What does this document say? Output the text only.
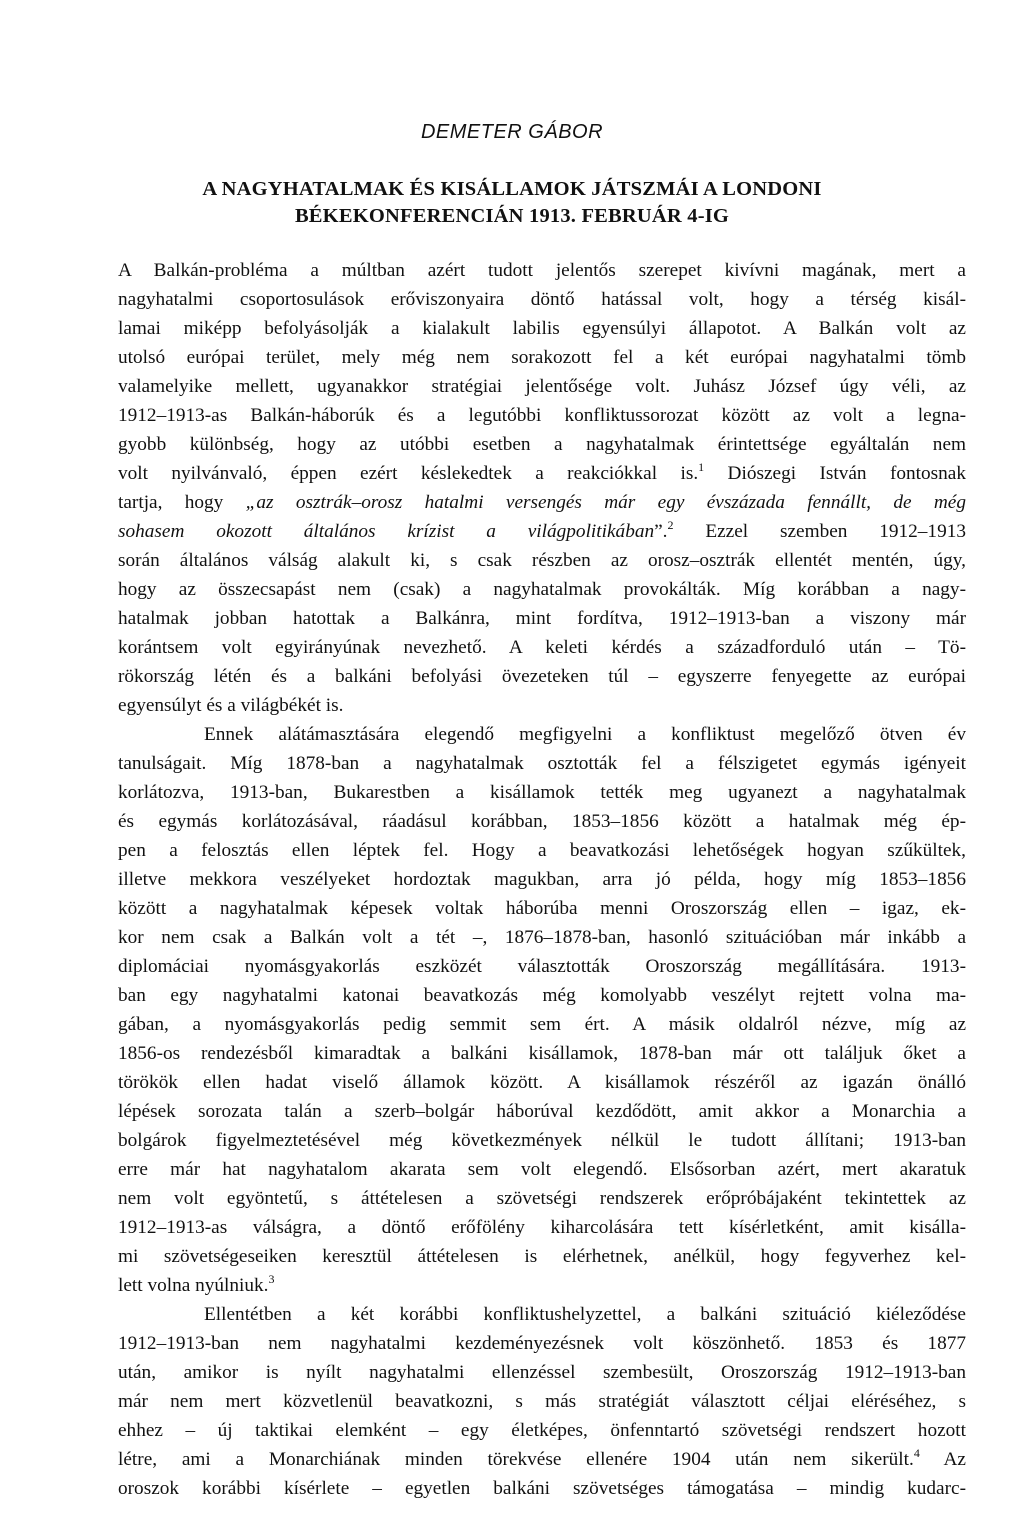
DEMETER GÁBOR
A NAGYHATALMAK ÉS KISÁLLAMOK JÁTSZMÁI A LONDONI
BÉKEKONFERENCIÁN 1913. FEBRUÁR 4-IG
A Balkán-probléma a múltban azért tudott jelentős szerepet kivívni magának, mert a
nagyhatalmi csoportosulások erőviszonyaira döntő hatással volt, hogy a térség kisál-
lamai miképp befolyásolják a kialakult labilis egyensúlyi állapotot. A Balkán volt az
utolsó európai terület, mely még nem sorakozott fel a két európai nagyhatalmi tömb
valamelyike mellett, ugyanakkor stratégiai jelentősége volt. Juhász József úgy véli, az
1912–1913-as Balkán-háborúk és a legutóbbi konfliktussorozat között az volt a legna-
gyobb különbség, hogy az utóbbi esetben a nagyhatalmak érintettsége egyáltalán nem
volt nyilvánvaló, éppen ezért késlekedtek a reakciókkal is.$^1$ Diószegi István fontosnak
tartja, hogy „az osztrák–orosz hatalmi versengés már egy évszázada fennállt, de még
sohasem okozott általános krízist a világpolitikában”.$^2$ Ezzel szemben 1912–1913
során általános válság alakult ki, s csak részben az orosz–osztrák ellentét mentén, úgy,
hogy az összecsapást nem (csak) a nagyhatalmak provokálták. Míg korábban a nagy-
hatalmak jobban hatottak a Balkánra, mint fordítva, 1912–1913-ban a viszony már
korántsem volt egyirányúnak nevezhető. A keleti kérdés a századforduló után – Tö-
rökország létén és a balkáni befolyási övezeteken túl – egyszerre fenyegette az európai
egyensúlyt és a világbékét is.
Ennek alátámasztására elegendő megfigyelni a konfliktust megelőző ötven év
tanulságait. Míg 1878-ban a nagyhatalmak osztották fel a félszigetet egymás igényeit
korlátozva, 1913-ban, Bukarestben a kisállamok tették meg ugyanezt a nagyhatalmak
és egymás korlátozásával, ráadásul korábban, 1853–1856 között a hatalmak még ép-
pen a felosztás ellen léptek fel. Hogy a beavatkozási lehetőségek hogyan szűkültek,
illetve mekkora veszélyeket hordoztak magukban, arra jó példa, hogy míg 1853–1856
között a nagyhatalmak képesek voltak háborúba menni Oroszország ellen – igaz, ek-
kor nem csak a Balkán volt a tét –, 1876–1878-ban, hasonló szituációban már inkább a
diplomáciai nyomásgyakorlás eszközét választották Oroszország megállítására. 1913-
ban egy nagyhatalmi katonai beavatkozás még komolyabb veszélyt rejtett volna ma-
gában, a nyomásgyakorlás pedig semmit sem ért. A másik oldalról nézve, míg az
1856-os rendezésből kimaradtak a balkáni kisállamok, 1878-ban már ott találjuk őket a
törökök ellen hadat viselő államok között. A kisállamok részéről az igazán önálló
lépések sorozata talán a szerb–bolgár háborúval kezdődött, amit akkor a Monarchia a
bolgárok figyelmeztetésével még következmények nélkül le tudott állítani; 1913-ban
erre már hat nagyhatalom akarata sem volt elegendő. Elsősorban azért, mert akaratuk
nem volt egyöntetű, s áttételesen a szövetségi rendszerek erőpróbájaként tekintettek az
1912–1913-as válságra, a döntő erőfölény kiharcolására tett kísérletként, amit kisálla-
mi szövetségeseiken keresztül áttételesen is elérhetnek, anélkül, hogy fegyverhez kel-
lett volna nyúlniuk.$^3$
Ellentétben a két korábbi konfliktushelyzettel, a balkáni szituáció kiéleződése
1912–1913-ban nem nagyhatalmi kezdeményezésnek volt köszönhető. 1853 és 1877
után, amikor is nyílt nagyhatalmi ellenzéssel szembesült, Oroszország 1912–1913-ban
már nem mert közvetlenül beavatkozni, s más stratégiát választott céljai eléréséhez, s
ehhez – új taktikai elemként – egy életképes, önfenntartó szövetségi rendszert hozott
létre, ami a Monarchiának minden törekvése ellenére 1904 után nem sikerült.$^4$ Az
oroszok korábbi kísérlete – egyetlen balkáni szövetséges támogatása – mindig kudarc-
